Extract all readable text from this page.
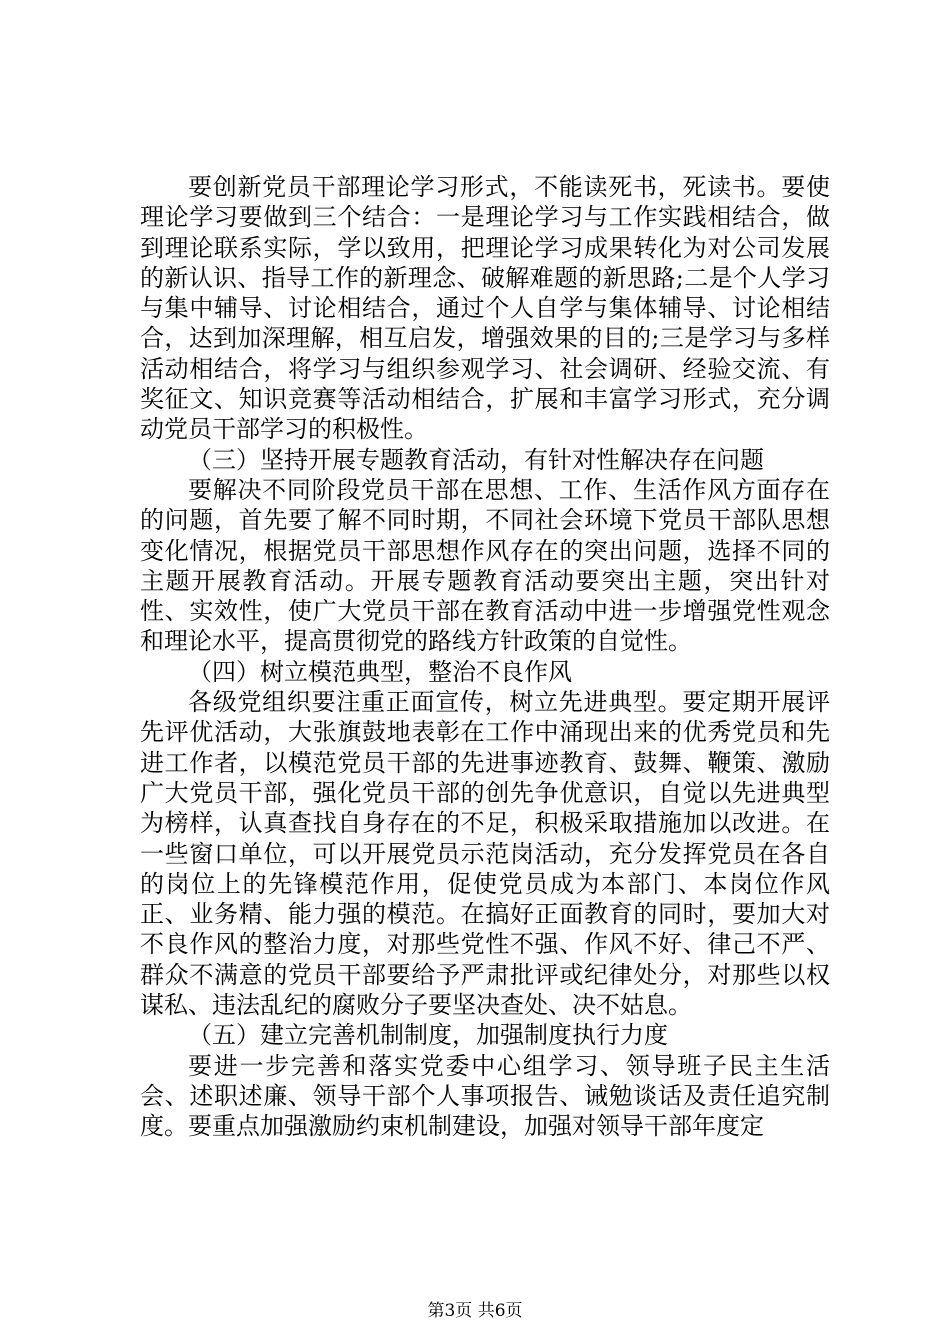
要创新党员干部理论学习形式，不能读死书，死读书。要使理论学习要做到三个结合：一是理论学习与工作实践相结合，做到理论联系实际，学以致用，把理论学习成果转化为对公司发展的新认识、指导工作的新理念、破解难题的新思路;二是个人学习与集中辅导、讨论相结合，通过个人自学与集体辅导、讨论相结合，达到加深理解，相互启发，增强效果的目的;三是学习与多样活动相结合，将学习与组织参观学习、社会调研、经验交流、有奖征文、知识竞赛等活动相结合，扩展和丰富学习形式，充分调动党员干部学习的积极性。

（三）坚持开展专题教育活动，有针对性解决存在问题

要解决不同阶段党员干部在思想、工作、生活作风方面存在的问题，首先要了解不同时期，不同社会环境下党员干部队思想变化情况，根据党员干部思想作风存在的突出问题，选择不同的主题开展教育活动。开展专题教育活动要突出主题，突出针对性、实效性，使广大党员干部在教育活动中进一步增强党性观念和理论水平，提高贯彻党的路线方针政策的自觉性。

（四）树立模范典型，整治不良作风

各级党组织要注重正面宣传，树立先进典型。要定期开展评先评优活动，大张旗鼓地表彰在工作中涌现出来的优秀党员和先进工作者，以模范党员干部的先进事迹教育、鼓舞、鞭策、激励广大党员干部，强化党员干部的创先争优意识，自觉以先进典型为榜样，认真查找自身存在的不足，积极采取措施加以改进。在一些窗口单位，可以开展党员示范岗活动，充分发挥党员在各自的岗位上的先锋模范作用，促使党员成为本部门、本岗位作风正、业务精、能力强的模范。在搞好正面教育的同时，要加大对不良作风的整治力度，对那些党性不强、作风不好、律己不严、群众不满意的党员干部要给予严肃批评或纪律处分，对那些以权谋私、违法乱纪的腐败分子要坚决查处、决不姑息。

（五）建立完善机制制度，加强制度执行力度

要进一步完善和落实党委中心组学习、领导班子民主生活会、述职述廉、领导干部个人事项报告、诫勉谈话及责任追究制度。要重点加强激励约束机制建设，加强对领导干部年度定

第3页 共6页
